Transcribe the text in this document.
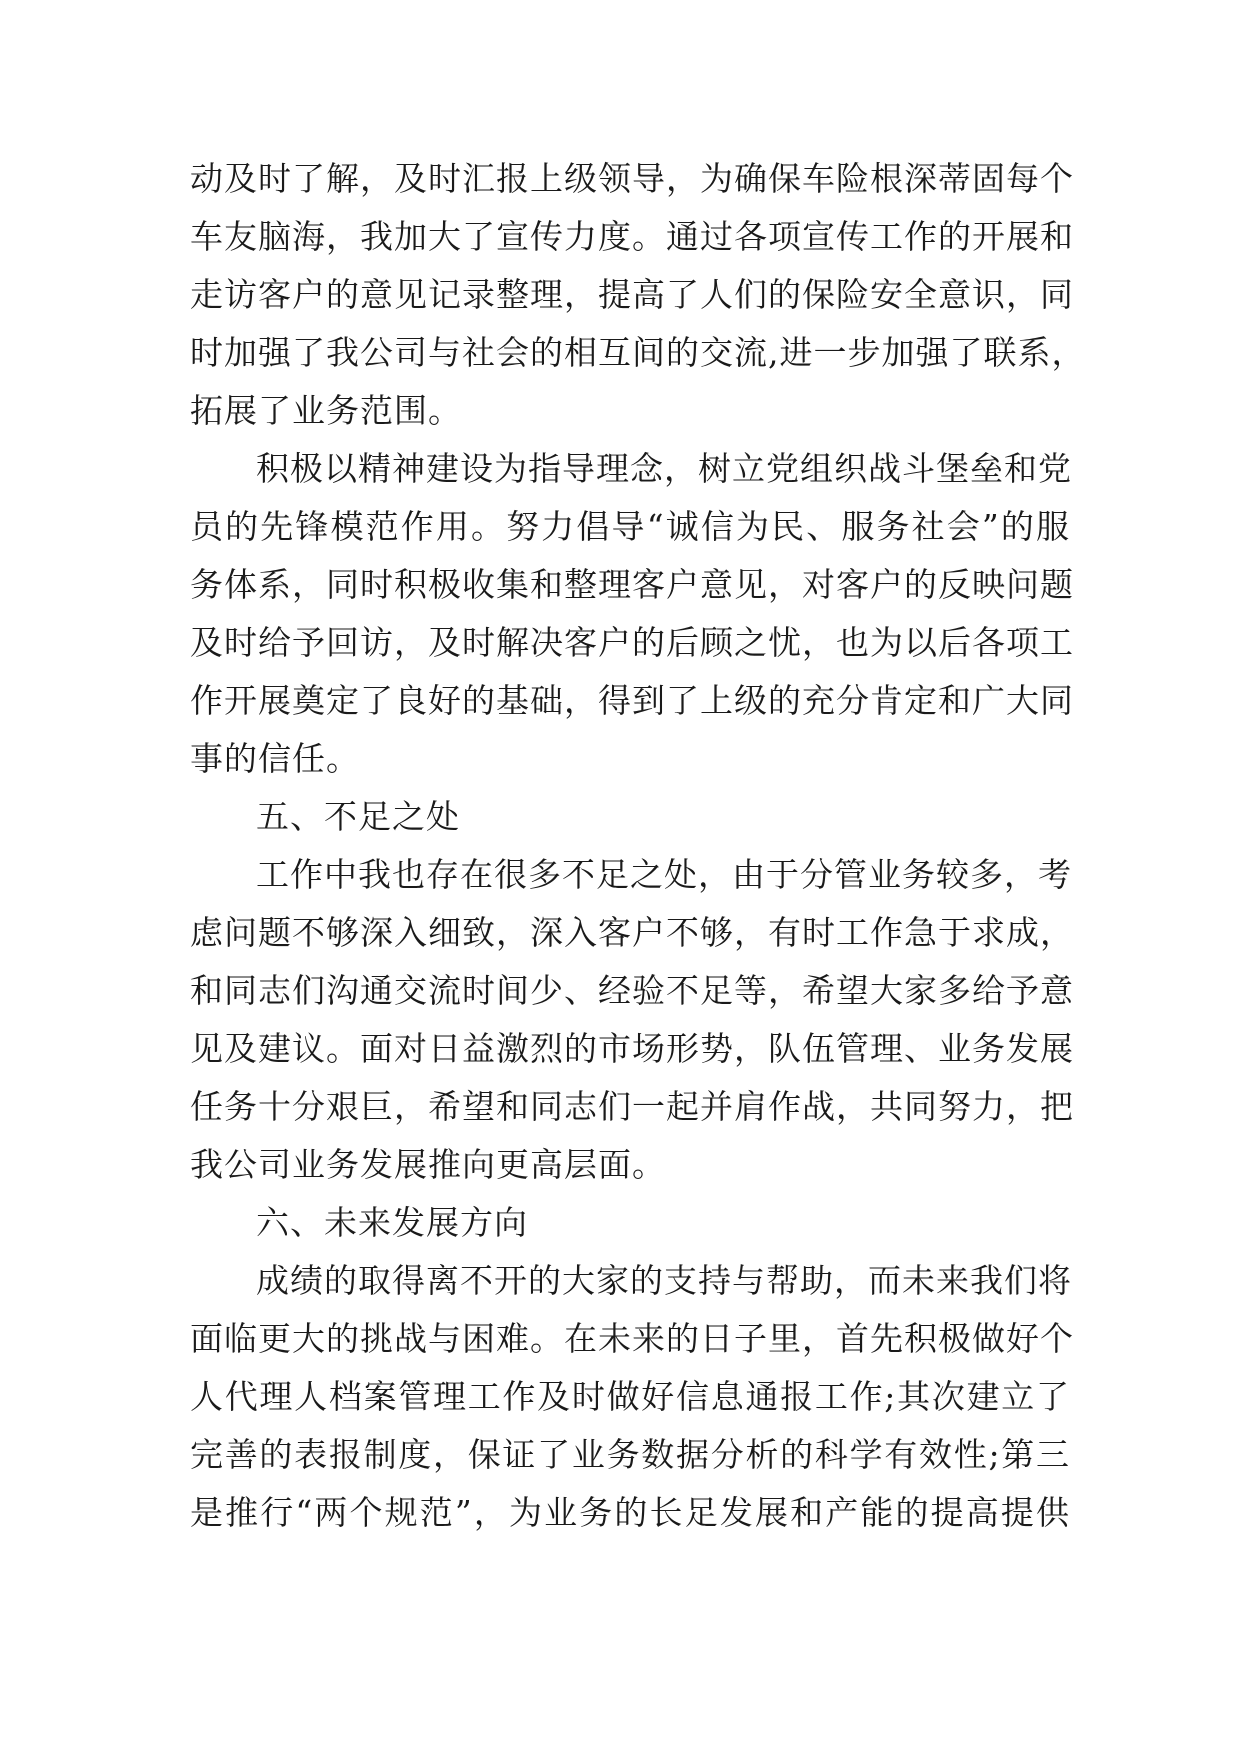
动及时了解，及时汇报上级领导，为确保车险根深蒂固每个
车友脑海，我加大了宣传力度。通过各项宣传工作的开展和
走访客户的意见记录整理，提高了人们的保险安全意识，同
时加强了我公司与社会的相互间的交流,进一步加强了联系，
拓展了业务范围。
积极以精神建设为指导理念，树立党组织战斗堡垒和党
员的先锋模范作用。努力倡导“诚信为民、服务社会”的服
务体系，同时积极收集和整理客户意见，对客户的反映问题
及时给予回访，及时解决客户的后顾之忧，也为以后各项工
作开展奠定了良好的基础，得到了上级的充分肯定和广大同
事的信任。
五、不足之处
工作中我也存在很多不足之处，由于分管业务较多，考
虑问题不够深入细致，深入客户不够，有时工作急于求成，
和同志们沟通交流时间少、经验不足等，希望大家多给予意
见及建议。面对日益激烈的市场形势，队伍管理、业务发展
任务十分艰巨，希望和同志们一起并肩作战，共同努力，把
我公司业务发展推向更高层面。
六、未来发展方向
成绩的取得离不开的大家的支持与帮助，而未来我们将
面临更大的挑战与困难。在未来的日子里，首先积极做好个
人代理人档案管理工作及时做好信息通报工作;其次建立了
完善的表报制度，保证了业务数据分析的科学有效性;第三
是推行“两个规范”，为业务的长足发展和产能的提高提供
